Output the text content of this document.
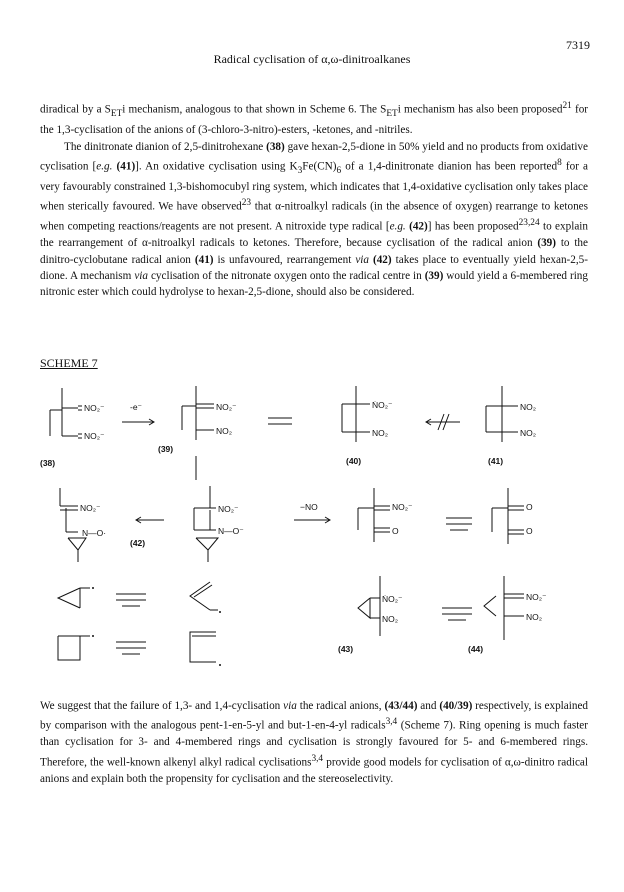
7319
Radical cyclisation of α,ω-dinitroalkanes

diradical by a $S_{ET}i$ mechanism, analogous to that shown in Scheme 6. The $S_{ET}i$ mechanism has also been proposed$^{21}$ for the 1,3-cyclisation of the anions of (3-chloro-3-nitro)-esters, -ketones, and -nitriles.

The dinitronate dianion of 2,5-dinitrohexane (38) gave hexan-2,5-dione in 50% yield and no products from oxidative cyclisation [e.g. (41)]. An oxidative cyclisation using $K_3Fe(CN)_6$ of a 1,4-dinitronate dianion has been reported$^8$ for a very favourably constrained 1,3-bishomocubyl ring system, which indicates that 1,4-oxidative cyclisation only takes place when sterically favoured. We have observed$^{23}$ that α-nitroalkyl radicals (in the absence of oxygen) rearrange to ketones when competing reactions/reagents are not present. A nitroxide type radical [e.g. (42)] has been proposed$^{23,24}$ to explain the rearrangement of α-nitroalkyl radicals to ketones. Therefore, because cyclisation of the radical anion (39) to the dinitro-cyclobutane radical anion (41) is unfavoured, rearrangement via (42) takes place to eventually yield hexan-2,5-dione. A mechanism via cyclisation of the nitronate oxygen onto the radical centre in (39) would yield a 6-membered ring nitronic ester which could hydrolyse to hexan-2,5-dione, should also be considered.

SCHEME 7
NO₂⁻
NO₂⁻
(38)
-e⁻	NO₂⁻
NO₂
(39)
ṄO₂⁻
NO₂
(40)
NO₂
NO₂
(41)
NO₂⁻
N—O·
(42)
NO₂⁻
N—O⁻
−NO	NO₂⁻
O
O
O
ṄO₂⁻
NO₂
(43)
NO₂⁻
NO₂
(44)

We suggest that the failure of 1,3- and 1,4-cyclisation via the radical anions, (43/44) and (40/39) respectively, is explained by comparison with the analogous pent-1-en-5-yl and but-1-en-4-yl radicals$^{3,4}$ (Scheme 7). Ring opening is much faster than cyclisation for 3- and 4-membered rings and cyclisation is strongly favoured for 5- and 6-membered rings. Therefore, the well-known alkenyl alkyl radical cyclisations$^{3,4}$ provide good models for cyclisation of α,ω-dinitro radical anions and explain both the propensity for cyclisation and the stereoselectivity.
